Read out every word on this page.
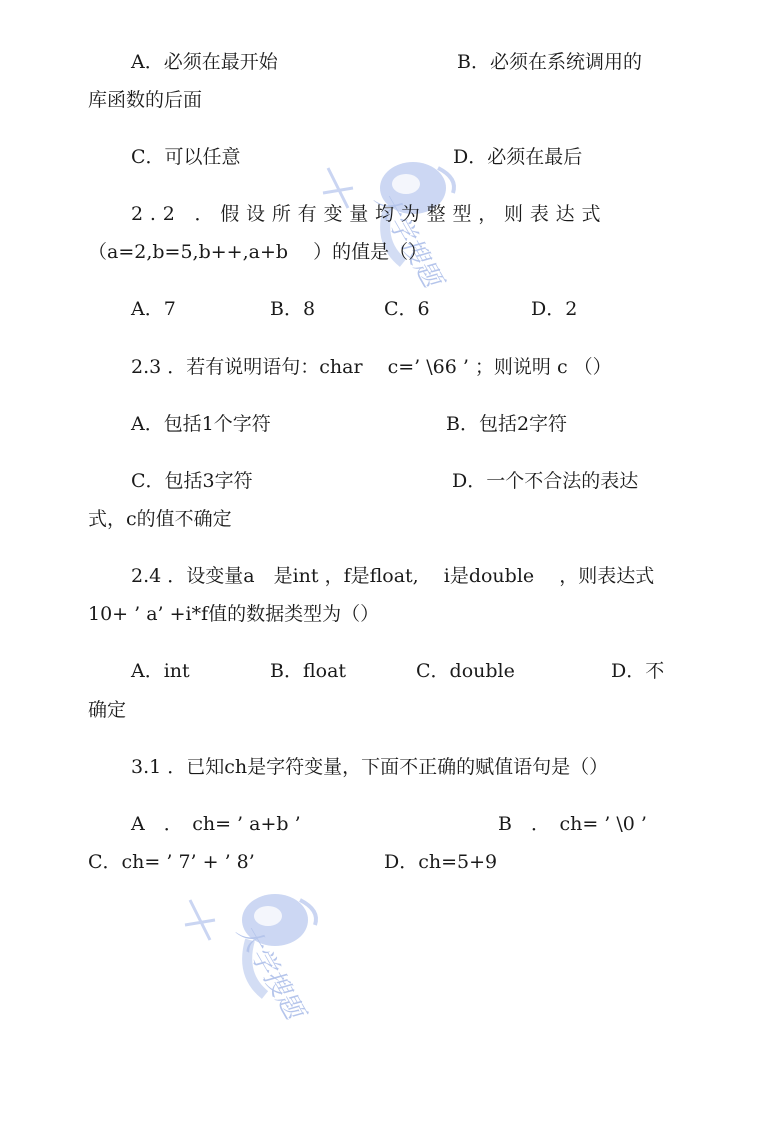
大学搜题
大学搜题
A．必须在最开始	B．必须在系统调用的
库函数的后面
C．可以任意	D．必须在最后
2.2 ．假设所有变量均为整型，则表达式
（a=2,b=5,b++,a+b　 ）的值是（）
A．7	B．8	C．6	D．2
2.3 ．若有说明语句：char　 c=’ \66 ’ ；则说明 c （）
A．包括1个字符	B．包括2字符
C．包括3字符	D．一个不合法的表达
式，c的值不确定
2.4 ．设变量a　是int ，f是float, 　i是double 　，则表达式
10+ ’ a’ +i*f值的数据类型为（）
A．int	B．float	C．double	D．不
确定
3.1 ．已知ch是字符变量，下面不正确的赋值语句是（）
A　．　ch= ’ a+b ’	B　．　ch= ’ \0 ’
C．ch= ’ 7’ + ’ 8’	D．ch=5+9
